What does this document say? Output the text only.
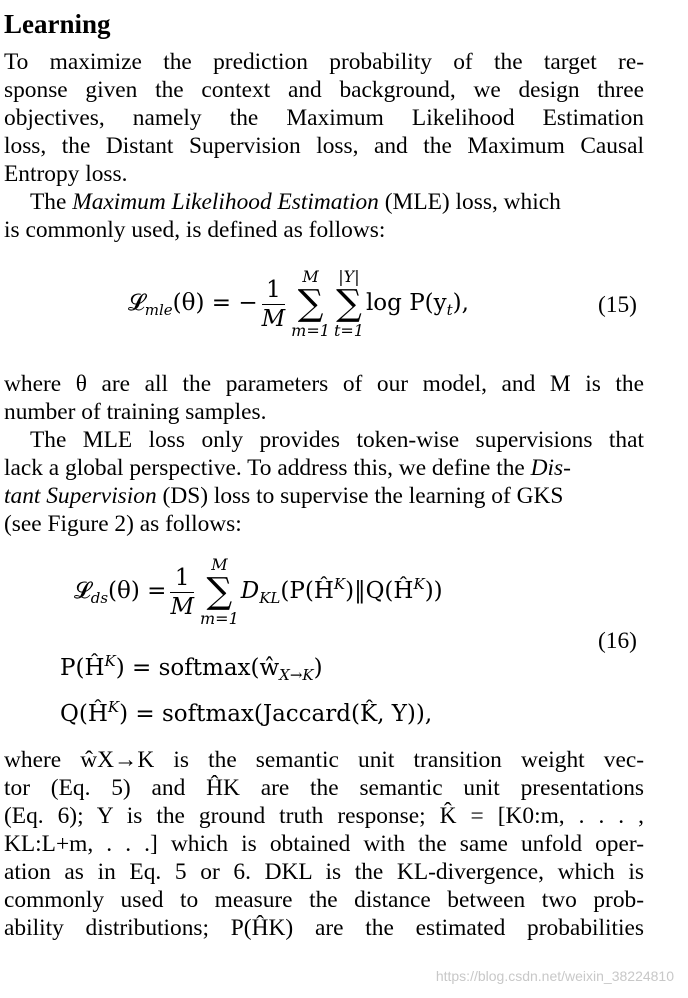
Learning
To maximize the prediction probability of the target re-
sponse given the context and background, we design three
objectives, namely the Maximum Likelihood Estimation
loss, the Distant Supervision loss, and the Maximum Causal
Entropy loss.
The Maximum Likelihood Estimation (MLE) loss, which
is commonly used, is defined as follows:
𝓛$_{mle}$(θ) = − $\frac{1}{M}$	M
∑
m=1
|Y|
∑
t=1
$\log P(y_t)$,	(15)
where θ are all the parameters of our model, and M is the
number of training samples.
The MLE loss only provides token-wise supervisions that
lack a global perspective. To address this, we define the Dis-
tant Supervision (DS) loss to supervise the learning of GKS
(see Figure 2) as follows:
𝓛$_{ds}$(θ) = $\frac{1}{M}$	M
∑
m=1
$D_{KL}(P(Ĥ^K)‖Q(Ĥ^K))$
$P(Ĥ^K)$ = $softmax(ŵ_{X\to K})$
$Q(Ĥ^K)$ = softmax(Jaccard(K̂, Y)),
(16)
where ŵX→K is the semantic unit transition weight vec-
tor (Eq. 5) and ĤK are the semantic unit presentations
(Eq. 6); Y is the ground truth response; K̂ = [K0:m, . . . ,
KL:L+m, . . .] which is obtained with the same unfold oper-
ation as in Eq. 5 or 6. DKL is the KL-divergence, which is
commonly used to measure the distance between two prob-
ability distributions; P(ĤK) are the estimated probabilities
https://blog.csdn.net/weixin_38224810
